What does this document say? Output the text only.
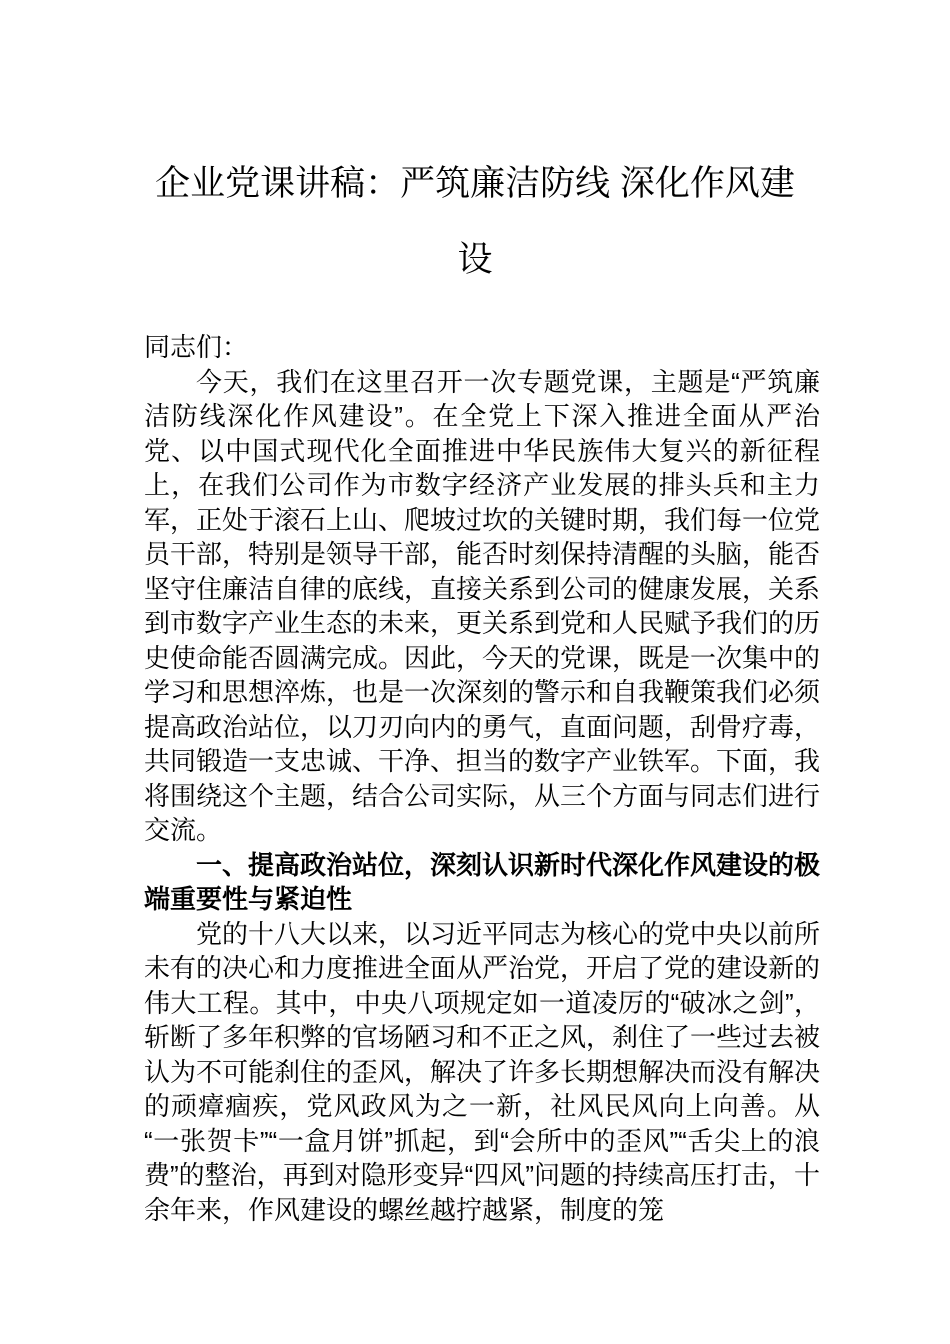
企业党课讲稿：严筑廉洁防线 深化作风建设

同志们：

今天，我们在这里召开一次专题党课，主题是“严筑廉洁防线深化作风建设”。在全党上下深入推进全面从严治党、以中国式现代化全面推进中华民族伟大复兴的新征程上，在我们公司作为市数字经济产业发展的排头兵和主力军，正处于滚石上山、爬坡过坎的关键时期，我们每一位党员干部，特别是领导干部，能否时刻保持清醒的头脑，能否坚守住廉洁自律的底线，直接关系到公司的健康发展，关系到市数字产业生态的未来，更关系到党和人民赋予我们的历史使命能否圆满完成。因此，今天的党课，既是一次集中的学习和思想淬炼，也是一次深刻的警示和自我鞭策我们必须提高政治站位，以刀刃向内的勇气，直面问题，刮骨疗毒，共同锻造一支忠诚、干净、担当的数字产业铁军。下面，我将围绕这个主题，结合公司实际，从三个方面与同志们进行交流。

一、提高政治站位，深刻认识新时代深化作风建设的极端重要性与紧迫性

党的十八大以来，以习近平同志为核心的党中央以前所未有的决心和力度推进全面从严治党，开启了党的建设新的伟大工程。其中，中央八项规定如一道凌厉的“破冰之剑”，斩断了多年积弊的官场陋习和不正之风，刹住了一些过去被认为不可能刹住的歪风，解决了许多长期想解决而没有解决的顽瘴痼疾，党风政风为之一新，社风民风向上向善。从“一张贺卡”“一盒月饼”抓起，到“会所中的歪风”“舌尖上的浪费”的整治，再到对隐形变异“四风”问题的持续高压打击，十余年来，作风建设的螺丝越拧越紧，制度的笼
